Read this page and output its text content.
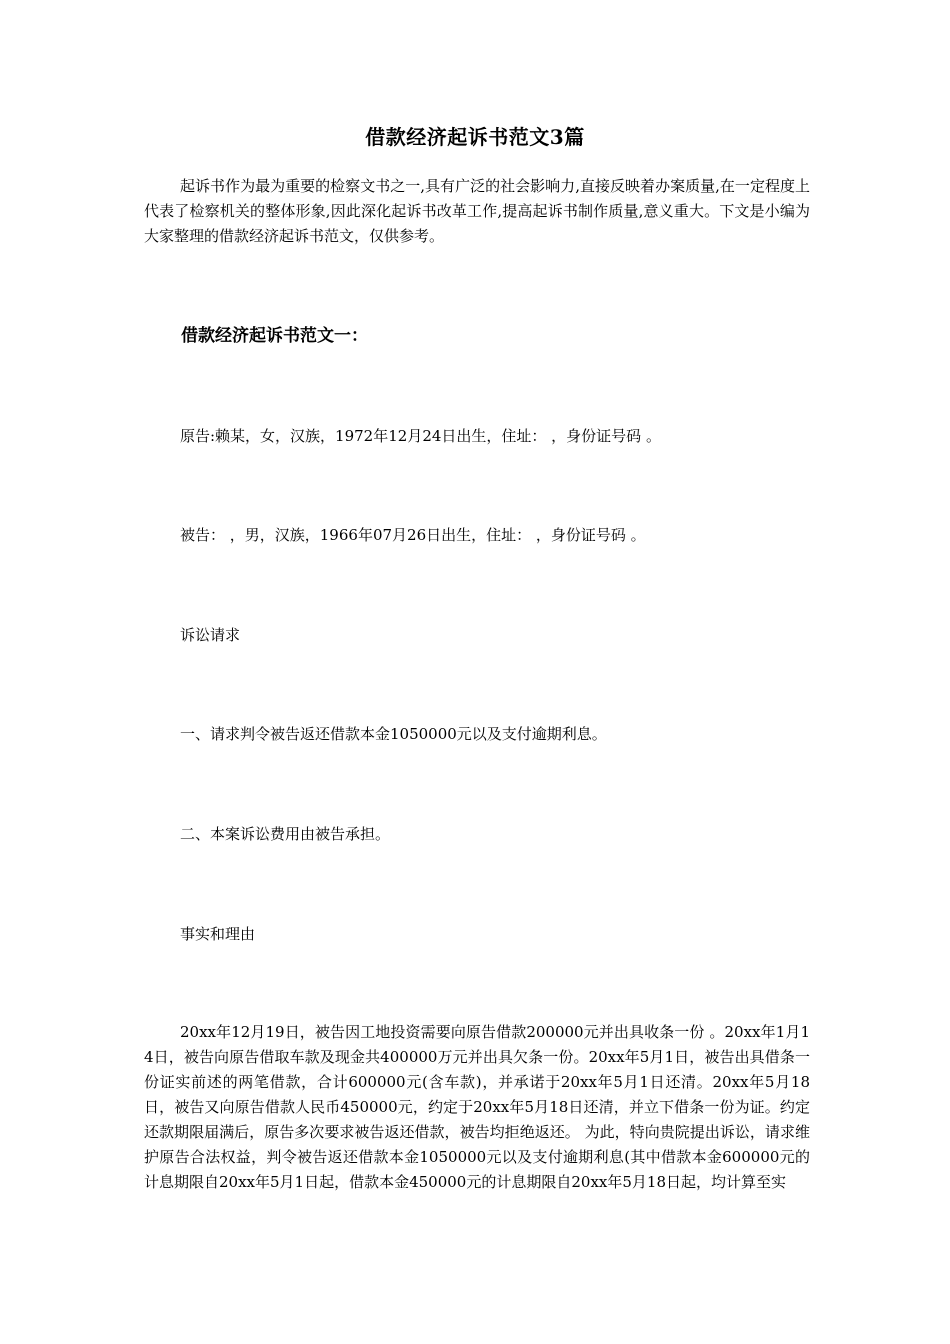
借款经济起诉书范文3篇
起诉书作为最为重要的检察文书之一,具有广泛的社会影响力,直接反映着办案质量,在一定程度上代表了检察机关的整体形象,因此深化起诉书改革工作,提高起诉书制作质量,意义重大。下文是小编为大家整理的借款经济起诉书范文，仅供参考。
借款经济起诉书范文一：
原告:赖某，女，汉族，1972年12月24日出生，住址： ，身份证号码 。
被告： ，男，汉族，1966年07月26日出生，住址： ，身份证号码 。
诉讼请求
一、请求判令被告返还借款本金1050000元以及支付逾期利息。
二、本案诉讼费用由被告承担。
事实和理由
20xx年12月19日，被告因工地投资需要向原告借款200000元并出具收条一份 。20xx年1月14日，被告向原告借取车款及现金共400000万元并出具欠条一份。20xx年5月1日，被告出具借条一份证实前述的两笔借款，合计600000元(含车款)，并承诺于20xx年5月1日还清。20xx年5月18日，被告又向原告借款人民币450000元，约定于20xx年5月18日还清，并立下借条一份为证。约定还款期限届满后，原告多次要求被告返还借款，被告均拒绝返还。 为此，特向贵院提出诉讼，请求维护原告合法权益，判令被告返还借款本金1050000元以及支付逾期利息(其中借款本金600000元的计息期限自20xx年5月1日起，借款本金450000元的计息期限自20xx年5月18日起，均计算至实
